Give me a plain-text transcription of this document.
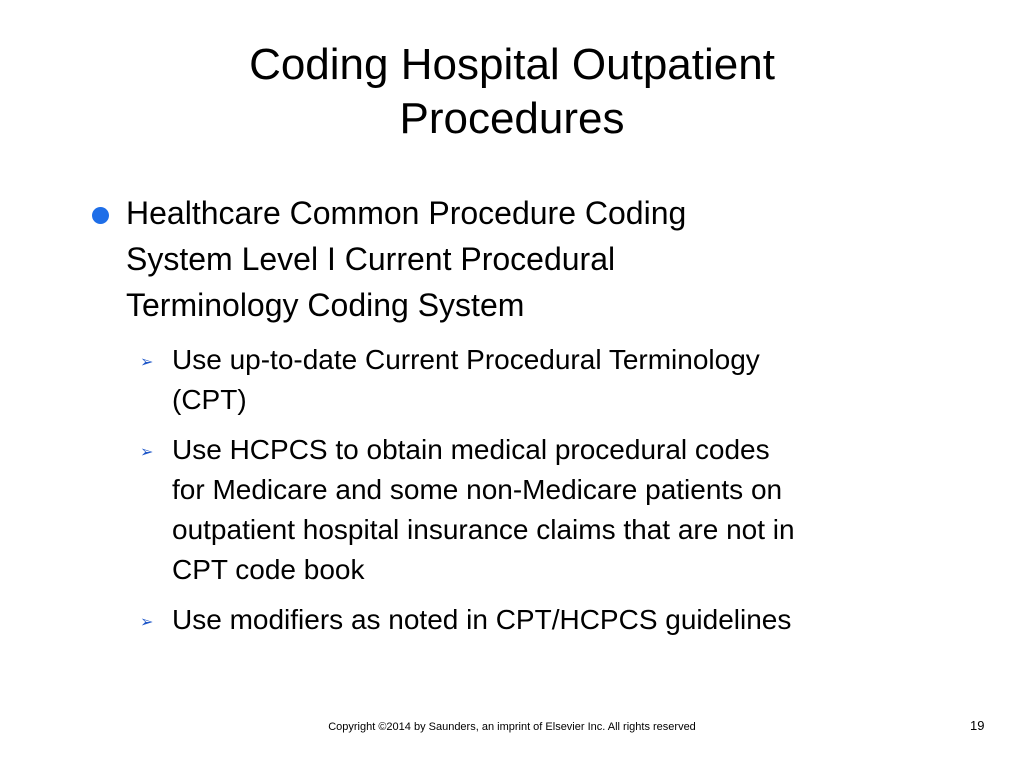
Coding Hospital Outpatient
Procedures
Healthcare Common Procedure Coding
System Level I Current Procedural
Terminology Coding System
➢ Use up-to-date Current Procedural Terminology
(CPT)
➢ Use HCPCS to obtain medical procedural codes
for Medicare and some non-Medicare patients on
outpatient hospital insurance claims that are not in
CPT code book
➢ Use modifiers as noted in CPT/HCPCS guidelines
Copyright ©2014 by Saunders, an imprint of Elsevier Inc. All rights reserved	19
